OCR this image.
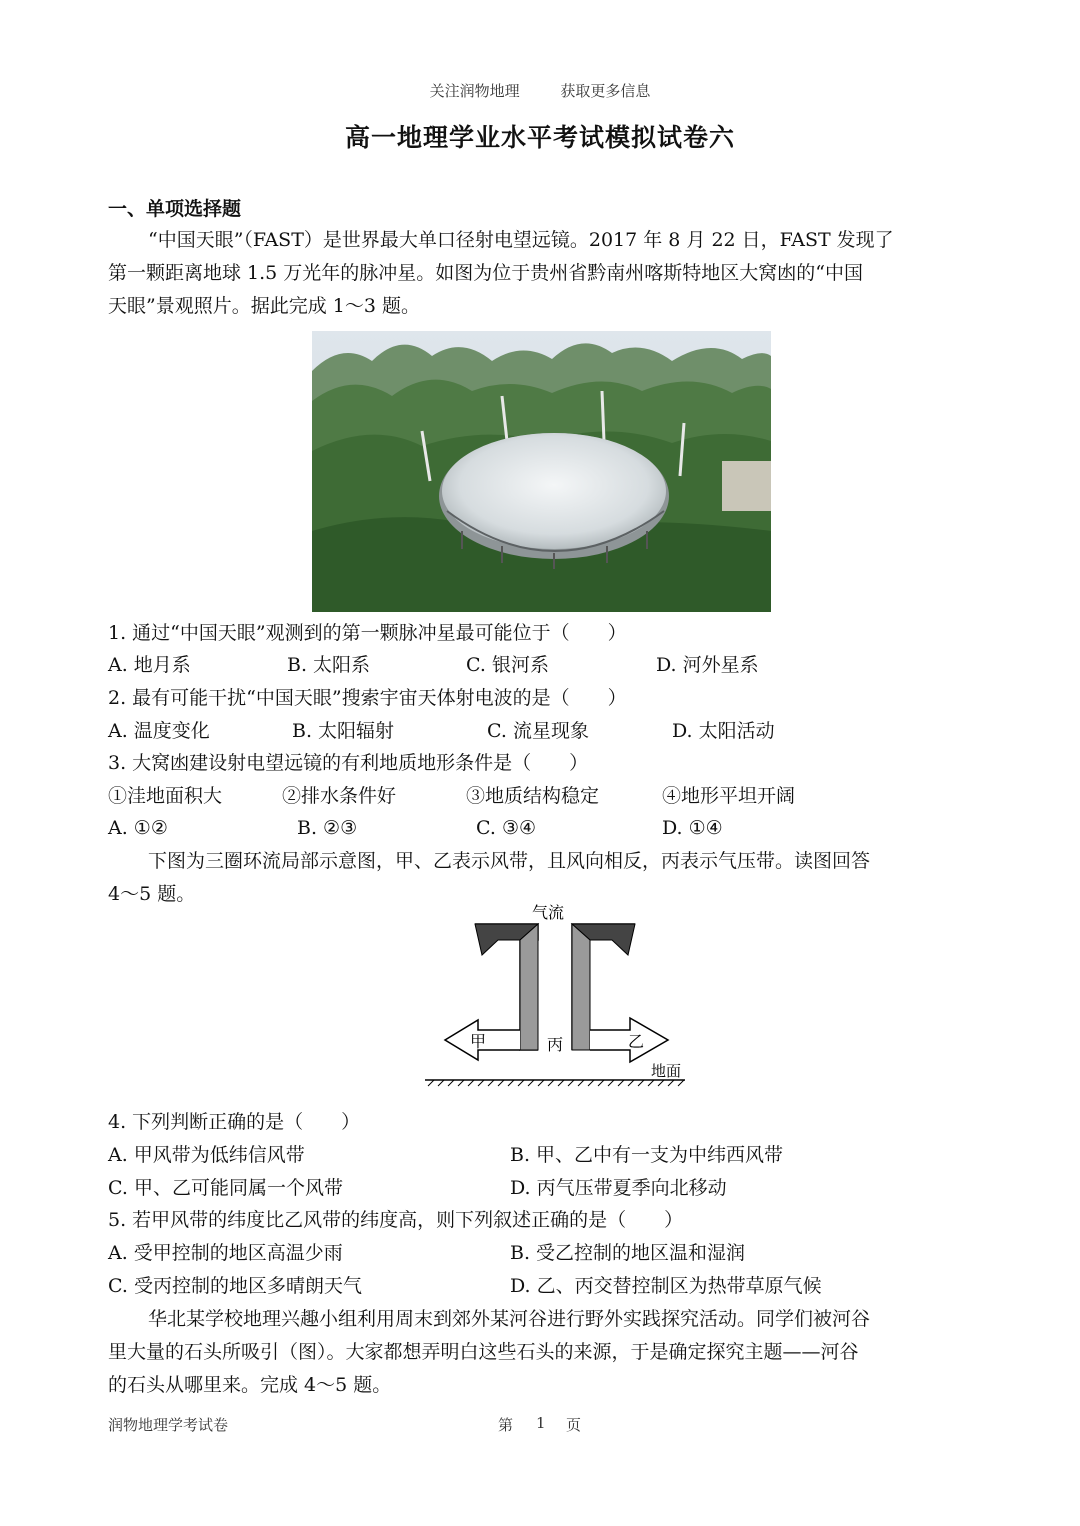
关注润物地理	获取更多信息
高一地理学业水平考试模拟试卷六
一、单项选择题
“中国天眼”（FAST）是世界最大单口径射电望远镜。2017 年 8 月 22 日，FAST 发现了
第一颗距离地球 1.5 万光年的脉冲星。如图为位于贵州省黔南州喀斯特地区大窝凼的“中国
天眼”景观照片。据此完成 1～3 题。
1. 通过“中国天眼”观测到的第一颗脉冲星最可能位于（　　）
A. 地月系	B. 太阳系	C. 银河系	D. 河外星系
2. 最有可能干扰“中国天眼”搜索宇宙天体射电波的是（　　）
A. 温度变化	B. 太阳辐射	C. 流星现象	D. 太阳活动
3. 大窝凼建设射电望远镜的有利地质地形条件是（　　）
①洼地面积大	②排水条件好	③地质结构稳定	④地形平坦开阔
A. ①②	B. ②③	C. ③④	D. ①④
下图为三圈环流局部示意图，甲、乙表示风带，且风向相反，丙表示气压带。读图回答
4～5 题。
气流
甲	丙	乙
地面
4. 下列判断正确的是（　　）
A. 甲风带为低纬信风带	B. 甲、乙中有一支为中纬西风带
C. 甲、乙可能同属一个风带	D. 丙气压带夏季向北移动
5. 若甲风带的纬度比乙风带的纬度高，则下列叙述正确的是（　　）
A. 受甲控制的地区高温少雨	B. 受乙控制的地区温和湿润
C. 受丙控制的地区多晴朗天气	D. 乙、丙交替控制区为热带草原气候
华北某学校地理兴趣小组利用周末到郊外某河谷进行野外实践探究活动。同学们被河谷
里大量的石头所吸引（图）。大家都想弄明白这些石头的来源，于是确定探究主题——河谷
的石头从哪里来。完成 4～5 题。
润物地理学考试卷	第 1 页
